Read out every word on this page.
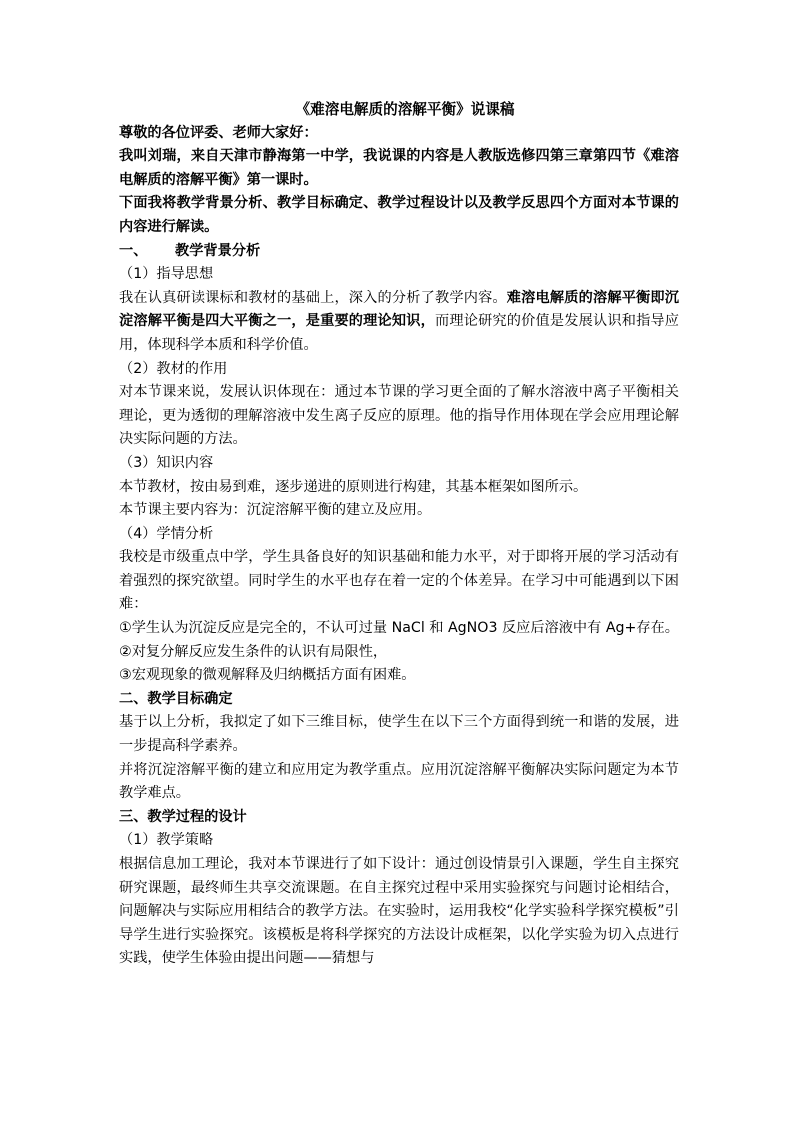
《难溶电解质的溶解平衡》说课稿

尊敬的各位评委、老师大家好：

我叫刘瑞，来自天津市静海第一中学，我说课的内容是人教版选修四第三章第四节《难溶电解质的溶解平衡》第一课时。

下面我将教学背景分析、教学目标确定、教学过程设计以及教学反思四个方面对本节课的内容进行解读。

一、	教学背景分析

（1）指导思想

我在认真研读课标和教材的基础上，深入的分析了教学内容。难溶电解质的溶解平衡即沉淀溶解平衡是四大平衡之一，是重要的理论知识，而理论研究的价值是发展认识和指导应用，体现科学本质和科学价值。

（2）教材的作用

对本节课来说，发展认识体现在：通过本节课的学习更全面的了解水溶液中离子平衡相关理论，更为透彻的理解溶液中发生离子反应的原理。他的指导作用体现在学会应用理论解决实际问题的方法。

（3）知识内容

本节教材，按由易到难，逐步递进的原则进行构建，其基本框架如图所示。

本节课主要内容为：沉淀溶解平衡的建立及应用。

（4）学情分析

我校是市级重点中学，学生具备良好的知识基础和能力水平，对于即将开展的学习活动有着强烈的探究欲望。同时学生的水平也存在着一定的个体差异。在学习中可能遇到以下困难：

①学生认为沉淀反应是完全的，不认可过量 NaCl 和 AgNO3 反应后溶液中有 Ag+存在。

②对复分解反应发生条件的认识有局限性，

③宏观现象的微观解释及归纳概括方面有困难。

二、教学目标确定

基于以上分析，我拟定了如下三维目标，使学生在以下三个方面得到统一和谐的发展，进一步提高科学素养。

并将沉淀溶解平衡的建立和应用定为教学重点。应用沉淀溶解平衡解决实际问题定为本节教学难点。

三、教学过程的设计

（1）教学策略

根据信息加工理论，我对本节课进行了如下设计：通过创设情景引入课题，学生自主探究研究课题，最终师生共享交流课题。在自主探究过程中采用实验探究与问题讨论相结合，问题解决与实际应用相结合的教学方法。在实验时，运用我校“化学实验科学探究模板”引导学生进行实验探究。该模板是将科学探究的方法设计成框架，以化学实验为切入点进行实践，使学生体验由提出问题——猜想与
